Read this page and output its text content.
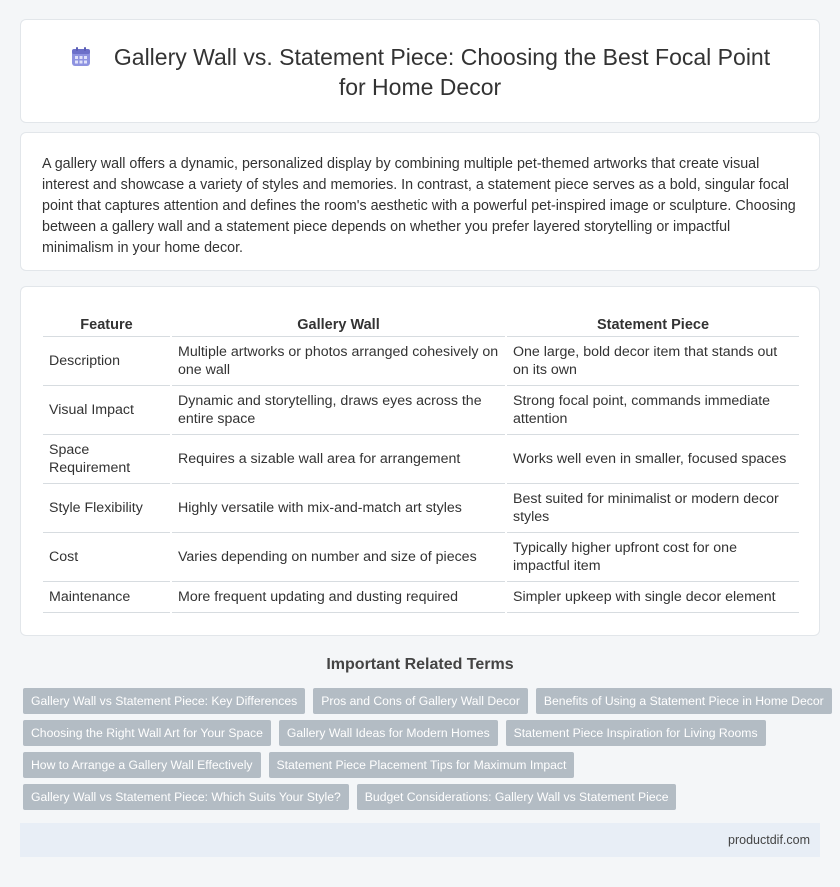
Gallery Wall vs. Statement Piece: Choosing the Best Focal Point for Home Decor

A gallery wall offers a dynamic, personalized display by combining multiple pet-themed artworks that create visual interest and showcase a variety of styles and memories. In contrast, a statement piece serves as a bold, singular focal point that captures attention and defines the room's aesthetic with a powerful pet-inspired image or sculpture. Choosing between a gallery wall and a statement piece depends on whether you prefer layered storytelling or impactful minimalism in your home decor.

Feature	Gallery Wall	Statement Piece
Description	Multiple artworks or photos arranged cohesively on one wall	One large, bold decor item that stands out on its own
Visual Impact	Dynamic and storytelling, draws eyes across the entire space	Strong focal point, commands immediate attention
Space Requirement	Requires a sizable wall area for arrangement	Works well even in smaller, focused spaces
Style Flexibility	Highly versatile with mix-and-match art styles	Best suited for minimalist or modern decor styles
Cost	Varies depending on number and size of pieces	Typically higher upfront cost for one impactful item
Maintenance	More frequent updating and dusting required	Simpler upkeep with single decor element
Important Related Terms
Gallery Wall vs Statement Piece: Key Differences	Pros and Cons of Gallery Wall Decor	Benefits of Using a Statement Piece in Home Decor
Choosing the Right Wall Art for Your Space	Gallery Wall Ideas for Modern Homes	Statement Piece Inspiration for Living Rooms
How to Arrange a Gallery Wall Effectively	Statement Piece Placement Tips for Maximum Impact
Gallery Wall vs Statement Piece: Which Suits Your Style?	Budget Considerations: Gallery Wall vs Statement Piece
productdif.com
